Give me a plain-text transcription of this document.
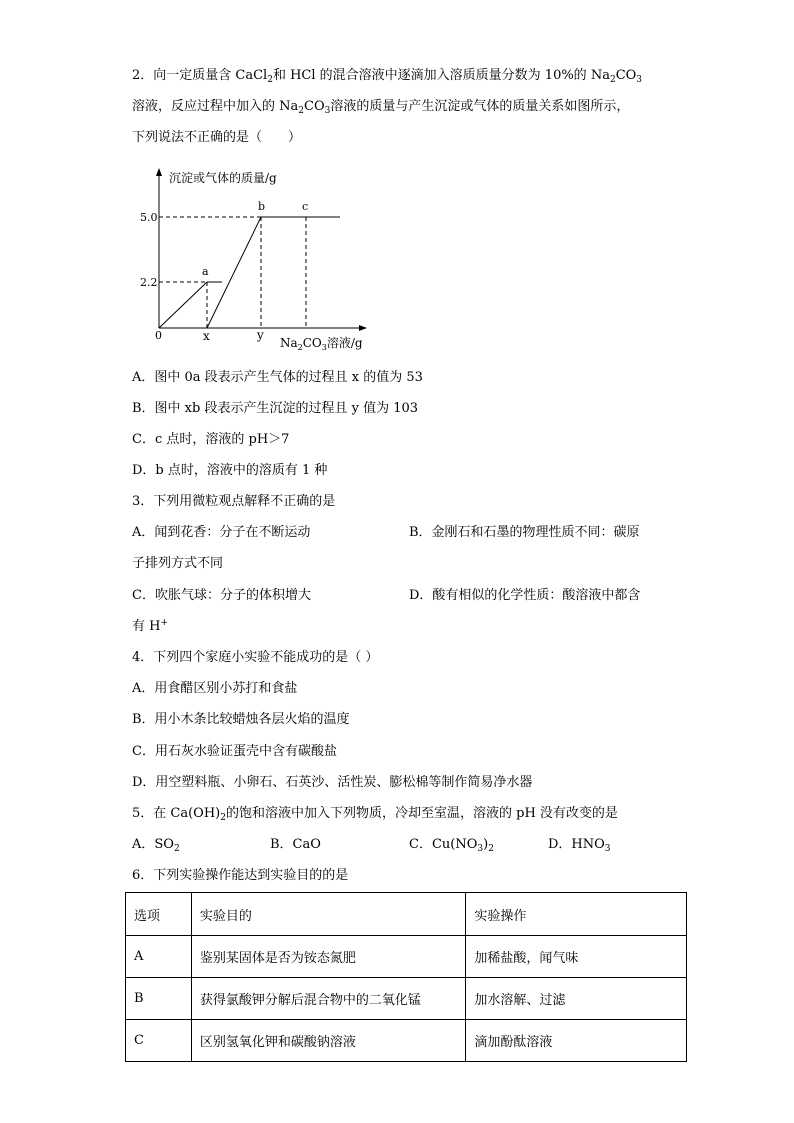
2．向一定质量含 CaCl$_2$和 HCl 的混合溶液中逐滴加入溶质质量分数为 10%的 $Na_2CO_3$
溶液，反应过程中加入的 $Na_2CO_3$溶液的质量与产生沉淀或气体的质量关系如图所示，
下列说法不正确的是（　　）
沉淀或气体的质量/g
$Na_2CO_3$溶液/g
5.0
2.2
0	x	y
a
b	c
A．图中 0a 段表示产生气体的过程且 x 的值为 53
B．图中 xb 段表示产生沉淀的过程且 y 值为 103
C．c 点时，溶液的 pH＞7
D．b 点时，溶液中的溶质有 1 种
3．下列用微粒观点解释不正确的是
A．闻到花香：分子在不断运动	B．金刚石和石墨的物理性质不同：碳原
子排列方式不同
C．吹胀气球：分子的体积增大	D．酸有相似的化学性质：酸溶液中都含
有 H+
4．下列四个家庭小实验不能成功的是（ ）
A．用食醋区别小苏打和食盐
B．用小木条比较蜡烛各层火焰的温度
C．用石灰水验证蛋壳中含有碳酸盐
D．用空塑料瓶、小卵石、石英沙、活性炭、膨松棉等制作简易净水器
5．在 $Ca(OH)_2$的饱和溶液中加入下列物质，冷却至室温，溶液的 pH 没有改变的是
A．$SO_2$	B．CaO	C．$Cu(NO_3)_2$	D．$HNO_3$
6．下列实验操作能达到实验目的的是
选项	实验目的	实验操作
A	鉴别某固体是否为铵态氮肥	加稀盐酸，闻气味
B	获得氯酸钾分解后混合物中的二氧化锰	加水溶解、过滤
C	区别氢氧化钾和碳酸钠溶液	滴加酚酞溶液
